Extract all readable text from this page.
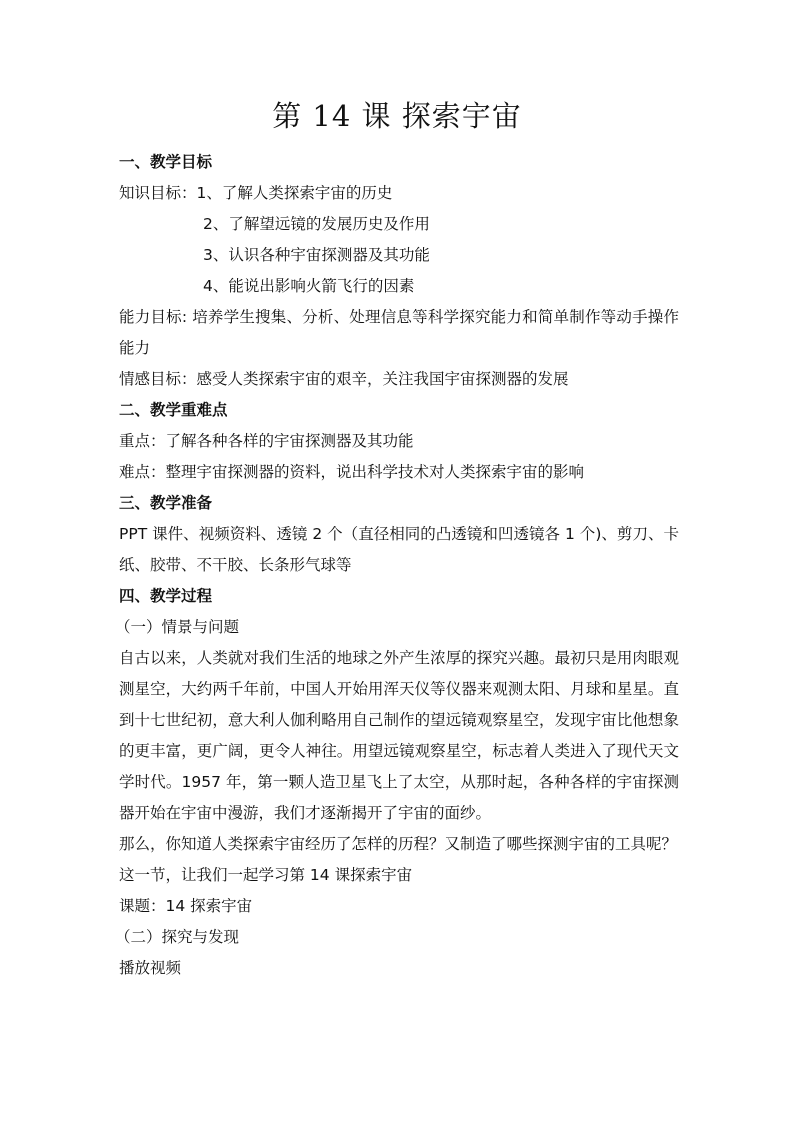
第 14 课 探索宇宙

一、教学目标

知识目标：1、了解人类探索宇宙的历史

2、了解望远镜的发展历史及作用

3、认识各种宇宙探测器及其功能

4、能说出影响火箭飞行的因素

能力目标: 培养学生搜集、分析、处理信息等科学探究能力和简单制作等动手操作能力

情感目标：感受人类探索宇宙的艰辛，关注我国宇宙探测器的发展

二、教学重难点

重点：了解各种各样的宇宙探测器及其功能

难点：整理宇宙探测器的资料，说出科学技术对人类探索宇宙的影响

三、教学准备

PPT 课件、视频资料、透镜 2 个（直径相同的凸透镜和凹透镜各 1 个)、剪刀、卡纸、胶带、不干胶、长条形气球等

四、教学过程

（一）情景与问题

自古以来，人类就对我们生活的地球之外产生浓厚的探究兴趣。最初只是用肉眼观测星空，大约两千年前，中国人开始用浑天仪等仪器来观测太阳、月球和星星。直到十七世纪初，意大利人伽利略用自己制作的望远镜观察星空，发现宇宙比他想象的更丰富，更广阔，更令人神往。用望远镜观察星空，标志着人类进入了现代天文学时代。1957 年，第一颗人造卫星飞上了太空，从那时起，各种各样的宇宙探测器开始在宇宙中漫游，我们才逐渐揭开了宇宙的面纱。

那么，你知道人类探索宇宙经历了怎样的历程？又制造了哪些探测宇宙的工具呢？

这一节，让我们一起学习第 14 课探索宇宙

课题：14 探索宇宙

（二）探究与发现

播放视频
